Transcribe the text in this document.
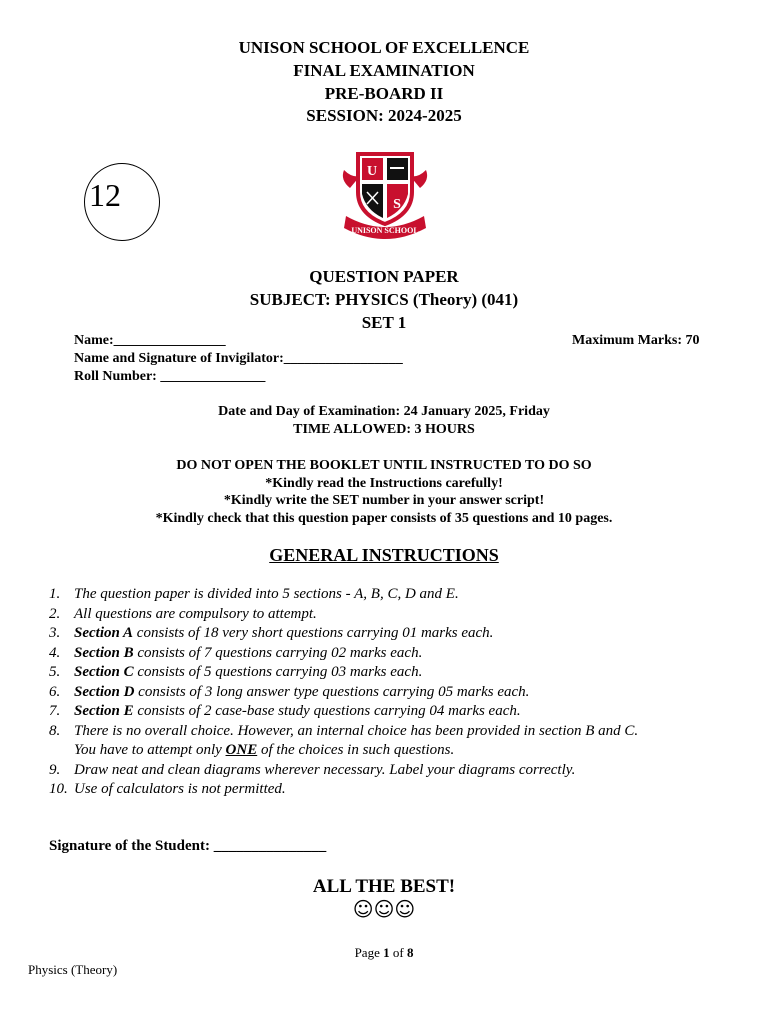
UNISON SCHOOL OF EXCELLENCE
FINAL EXAMINATION
PRE-BOARD II
SESSION: 2024-2025
12
U
S
UNISON SCHOOL
QUESTION PAPER
SUBJECT: PHYSICS (Theory) (041)
SET 1
Name:________________	Maximum Marks: 70
Name and Signature of Invigilator:_________________
Roll Number: _______________
Date and Day of Examination: 24 January 2025, Friday
TIME ALLOWED: 3 HOURS
DO NOT OPEN THE BOOKLET UNTIL INSTRUCTED TO DO SO
*Kindly read the Instructions carefully!
*Kindly write the SET number in your answer script!
*Kindly check that this question paper consists of 35 questions and 10 pages.
GENERAL INSTRUCTIONS
1. The question paper is divided into 5 sections - A, B, C, D and E.
2. All questions are compulsory to attempt.
3. Section A consists of 18 very short questions carrying 01 marks each.
4. Section B consists of 7 questions carrying 02 marks each.
5. Section C consists of 5 questions carrying 03 marks each.
6. Section D consists of 3 long answer type questions carrying 05 marks each.
7. Section E consists of 2 case-base study questions carrying 04 marks each.
8. There is no overall choice. However, an internal choice has been provided in section B and C.
You have to attempt only ONE of the choices in such questions.
9. Draw neat and clean diagrams wherever necessary. Label your diagrams correctly.
10. Use of calculators is not permitted.
Signature of the Student: _______________
ALL THE BEST!
☺☺☺
Page 1 of 8
Physics (Theory)
